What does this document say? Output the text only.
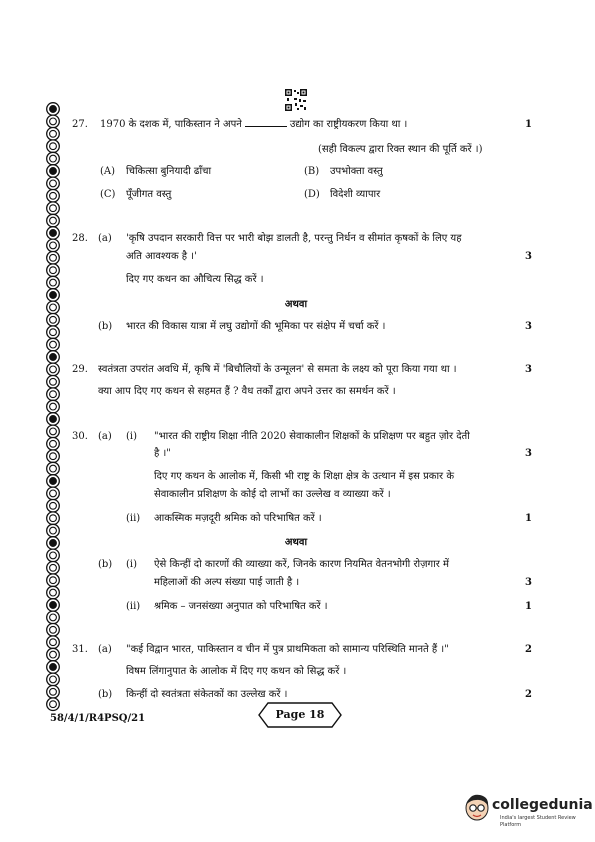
27.	1970 के दशक में, पाकिस्तान ने अपने	उद्योग का राष्ट्रीयकरण किया था ।	1
(सही विकल्प द्वारा रिक्त स्थान की पूर्ति करें ।)
(A) चिकित्सा बुनियादी ढाँचा	(B) उपभोक्ता वस्तु
(C) पूँजीगत वस्तु	(D) विदेशी व्यापार
28.	(a)	'कृषि उपदान सरकारी वित्त पर भारी बोझ डालती है, परन्तु निर्धन व सीमांत कृषकों के लिए यह
अति आवश्यक है ।'	3
दिए गए कथन का औचित्य सिद्ध करें ।
अथवा
(b)	भारत की विकास यात्रा में लघु उद्योगों की भूमिका पर संक्षेप में चर्चा करें ।	3
29.	स्वतंत्रता उपरांत अवधि में, कृषि में 'बिचौलियों के उन्मूलन' से समता के लक्ष्य को पूरा किया गया था ।	3
क्या आप दिए गए कथन से सहमत हैं ? वैध तर्कों द्वारा अपने उत्तर का समर्थन करें ।
30.	(a)	(i)	"भारत की राष्ट्रीय शिक्षा नीति 2020 सेवाकालीन शिक्षकों के प्रशिक्षण पर बहुत ज़ोर देती
है ।"	3
दिए गए कथन के आलोक में, किसी भी राष्ट्र के शिक्षा क्षेत्र के उत्थान में इस प्रकार के
सेवाकालीन प्रशिक्षण के कोई दो लाभों का उल्लेख व व्याख्या करें ।
(ii)	आकस्मिक मज़दूरी श्रमिक को परिभाषित करें ।	1
अथवा
(b)	(i)	ऐसे किन्हीं दो कारणों की व्याख्या करें, जिनके कारण नियमित वेतनभोगी रोज़गार में
महिलाओं की अल्प संख्या पाई जाती है ।	3
(ii)	श्रमिक – जनसंख्या अनुपात को परिभाषित करें ।	1
31.	(a)	"कई विद्वान भारत, पाकिस्तान व चीन में पुत्र प्राथमिकता को सामान्य परिस्थिति मानते हैं ।"	2
विषम लिंगानुपात के आलोक में दिए गए कथन को सिद्ध करें ।
(b)	किन्हीं दो स्वतंत्रता संकेतकों का उल्लेख करें ।	2
58/4/1/R4PSQ/21	Page 18
collegedunia
India's largest Student Review Platform
